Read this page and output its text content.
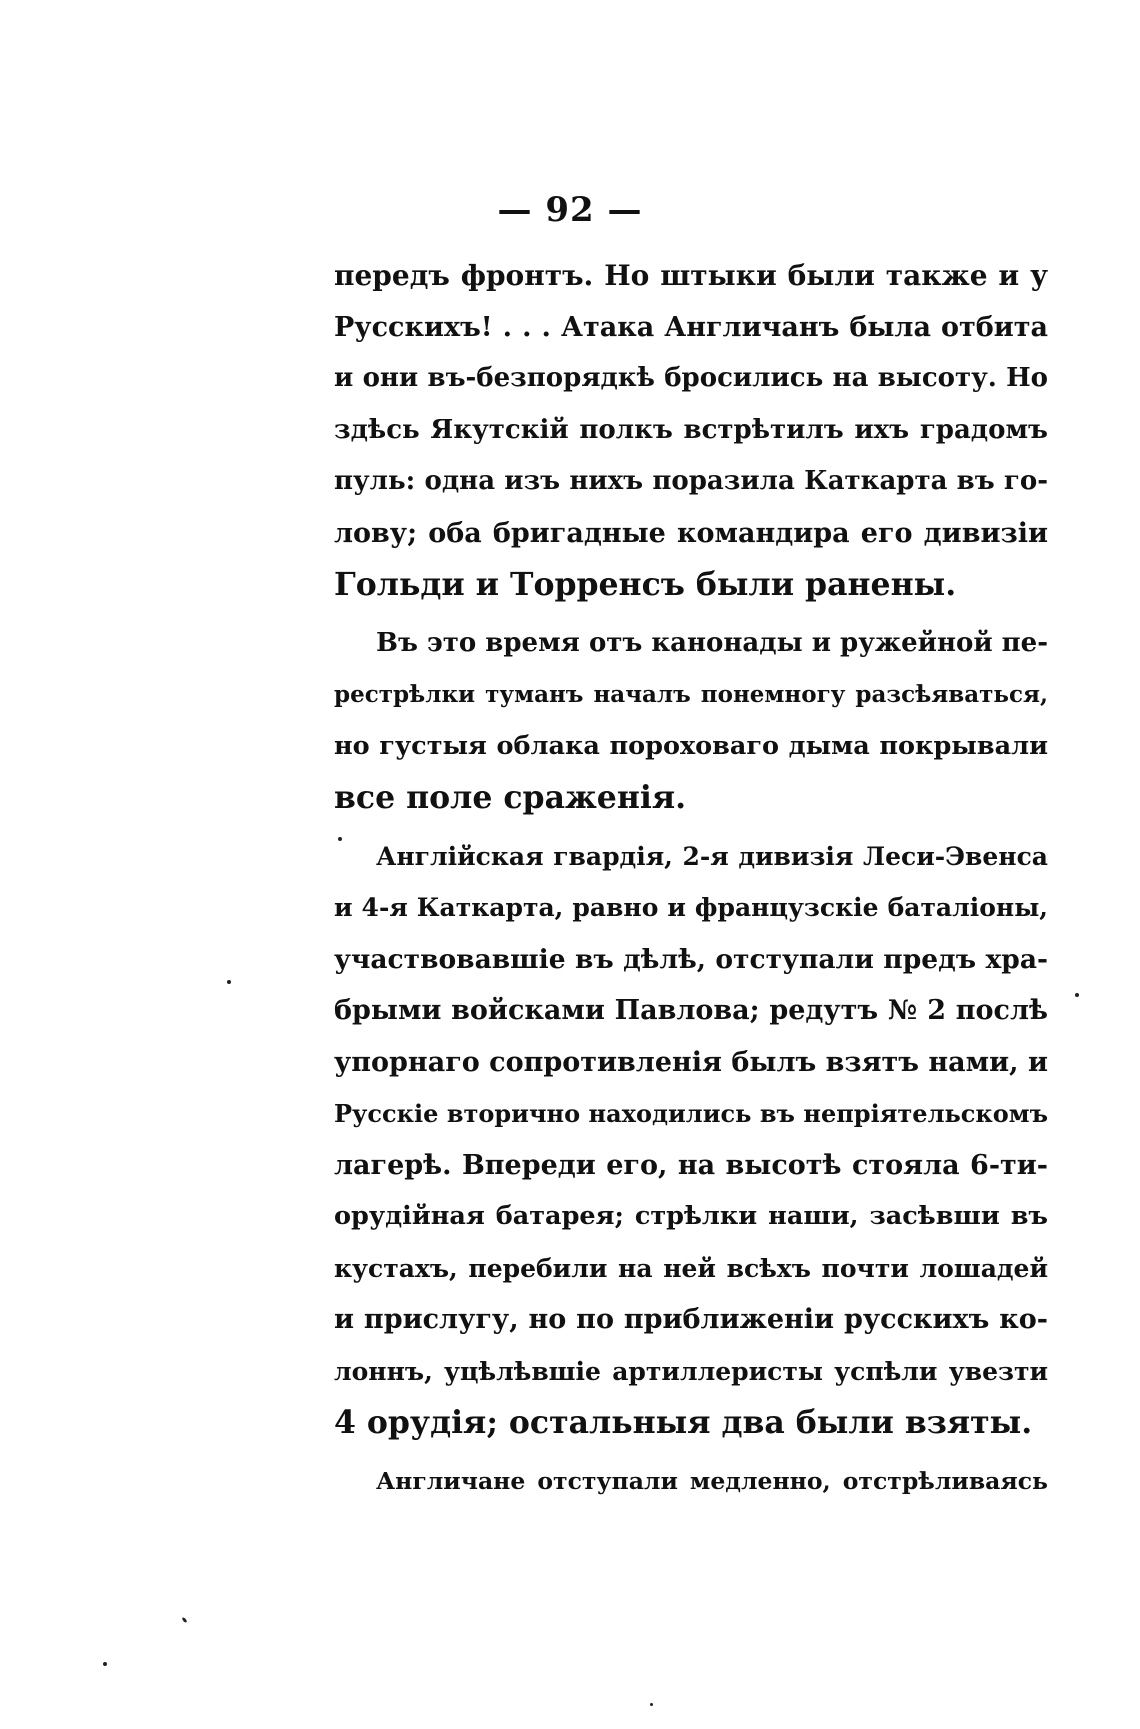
— 92 —
передъ фронтъ. Но штыки были также и у
Русскихъ! . . . Атака Англичанъ была отбита
и они въ-безпорядкѣ бросились на высоту. Но
здѣсь Якутскій полкъ встрѣтилъ ихъ градомъ
пуль: одна изъ нихъ поразила Каткарта въ го-
лову; оба бригадные командира его дивизіи
Гольди и Торренсъ были ранены.
Въ это время отъ канонады и ружейной пе-
рестрѣлки туманъ началъ понемногу разсѣяваться,
но густыя облака пороховаго дыма покрывали
все поле сраженія.
Англійская гвардія, 2-я дивизія Леси-Эвенса
и 4-я Каткарта, равно и французскіе баталіоны,
участвовавшіе въ дѣлѣ, отступали предъ хра-
брыми войсками Павлова; редутъ № 2 послѣ
упорнаго сопротивленія былъ взятъ нами, и
Русскіе вторично находились въ непріятельскомъ
лагерѣ. Впереди его, на высотѣ стояла 6-ти-
орудійная батарея; стрѣлки наши, засѣвши въ
кустахъ, перебили на ней всѣхъ почти лошадей
и прислугу, но по приближеніи русскихъ ко-
лоннъ, уцѣлѣвшіе артиллеристы успѣли увезти
4 орудія; остальныя два были взяты.
Англичане отступали медленно, отстрѣливаясь
